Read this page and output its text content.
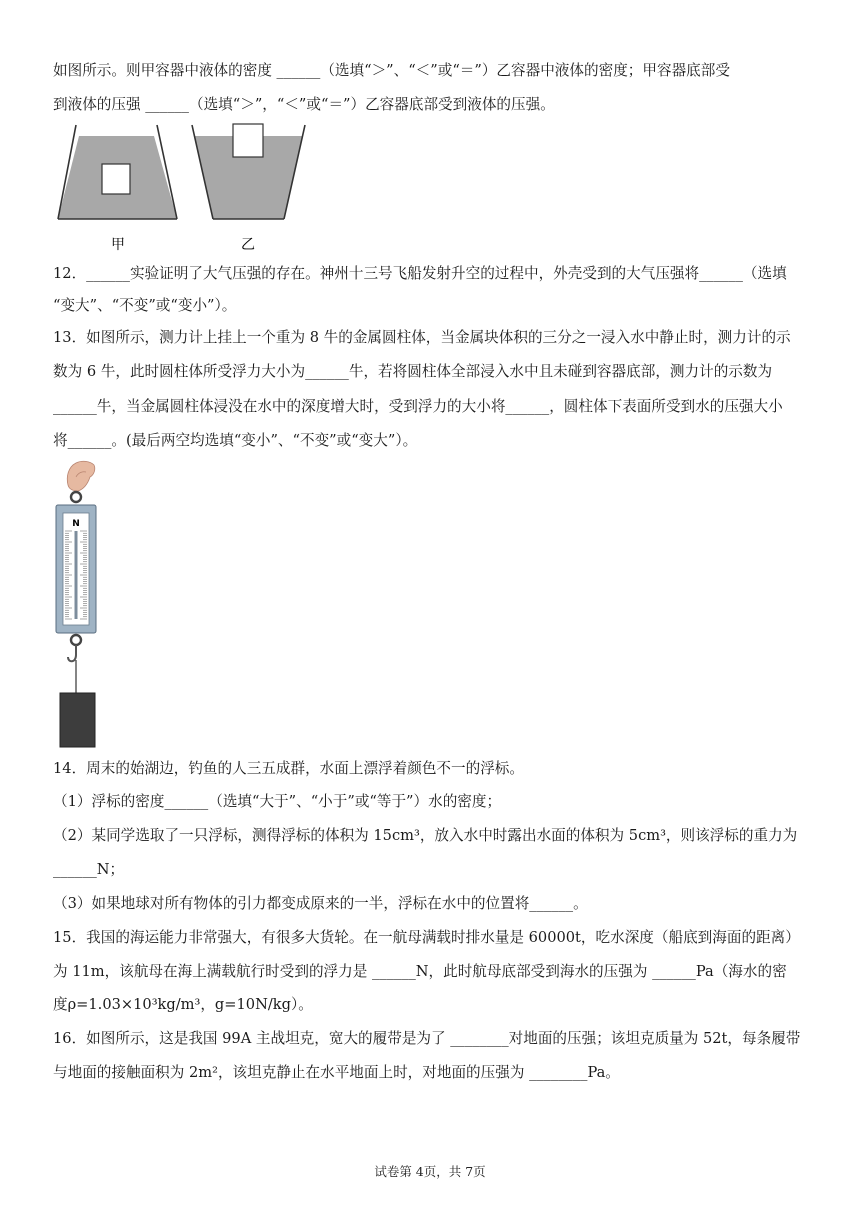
如图所示。则甲容器中液体的密度 ______（选填“＞”、“＜”或“＝”）乙容器中液体的密度；甲容器底部受
到液体的压强 ______（选填“＞”，“＜”或“＝”）乙容器底部受到液体的压强。
甲	乙
12．______实验证明了大气压强的存在。神州十三号飞船发射升空的过程中，外壳受到的大气压强将______（选填
“变大”、“不变”或“变小”）。
13．如图所示，测力计上挂上一个重为 8 牛的金属圆柱体，当金属块体积的三分之一浸入水中静止时，测力计的示
数为 6 牛，此时圆柱体所受浮力大小为______牛，若将圆柱体全部浸入水中且未碰到容器底部，测力计的示数为
______牛，当金属圆柱体浸没在水中的深度增大时，受到浮力的大小将______，圆柱体下表面所受到水的压强大小
将______。(最后两空均选填“变小”、“不变”或“变大”）。
N
14．周末的始湖边，钓鱼的人三五成群，水面上漂浮着颜色不一的浮标。
（1）浮标的密度______（选填“大于”、“小于”或“等于”）水的密度；
（2）某同学选取了一只浮标，测得浮标的体积为 15cm³，放入水中时露出水面的体积为 5cm³，则该浮标的重力为
______N；
（3）如果地球对所有物体的引力都变成原来的一半，浮标在水中的位置将______。
15．我国的海运能力非常强大，有很多大货轮。在一航母满载时排水量是 60000t，吃水深度（船底到海面的距离）
为 11m，该航母在海上满载航行时受到的浮力是 ______N，此时航母底部受到海水的压强为 ______Pa（海水的密
度ρ=1.03×10³kg/m³，g=10N/kg）。
16．如图所示，这是我国 99A 主战坦克，宽大的履带是为了 ________对地面的压强；该坦克质量为 52t，每条履带
与地面的接触面积为 2m²，该坦克静止在水平地面上时，对地面的压强为 ________Pa。
试卷第 4页，共 7页
